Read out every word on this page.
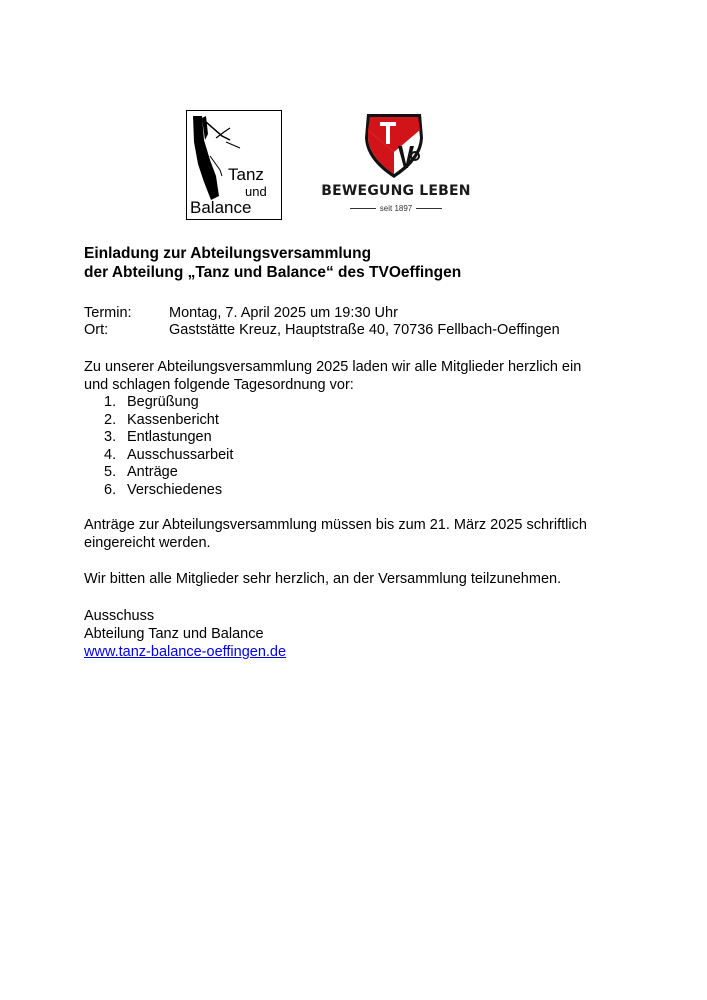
Tanz
und
Balance
BEWEGUNG LEBEN
seit 1897
Einladung zur Abteilungsversammlung
der Abteilung „Tanz und Balance“ des TVOeffingen
Termin:	Montag, 7. April 2025 um 19:30 Uhr
Ort:	Gaststätte Kreuz, Hauptstraße 40, 70736 Fellbach-Oeffingen
Zu unserer Abteilungsversammlung 2025 laden wir alle Mitglieder herzlich ein
und schlagen folgende Tagesordnung vor:
1. Begrüßung
2. Kassenbericht
3. Entlastungen
4. Ausschussarbeit
5. Anträge
6. Verschiedenes
Anträge zur Abteilungsversammlung müssen bis zum 21. März 2025 schriftlich
eingereicht werden.
Wir bitten alle Mitglieder sehr herzlich, an der Versammlung teilzunehmen.
Ausschuss
Abteilung Tanz und Balance
www.tanz-balance-oeffingen.de
